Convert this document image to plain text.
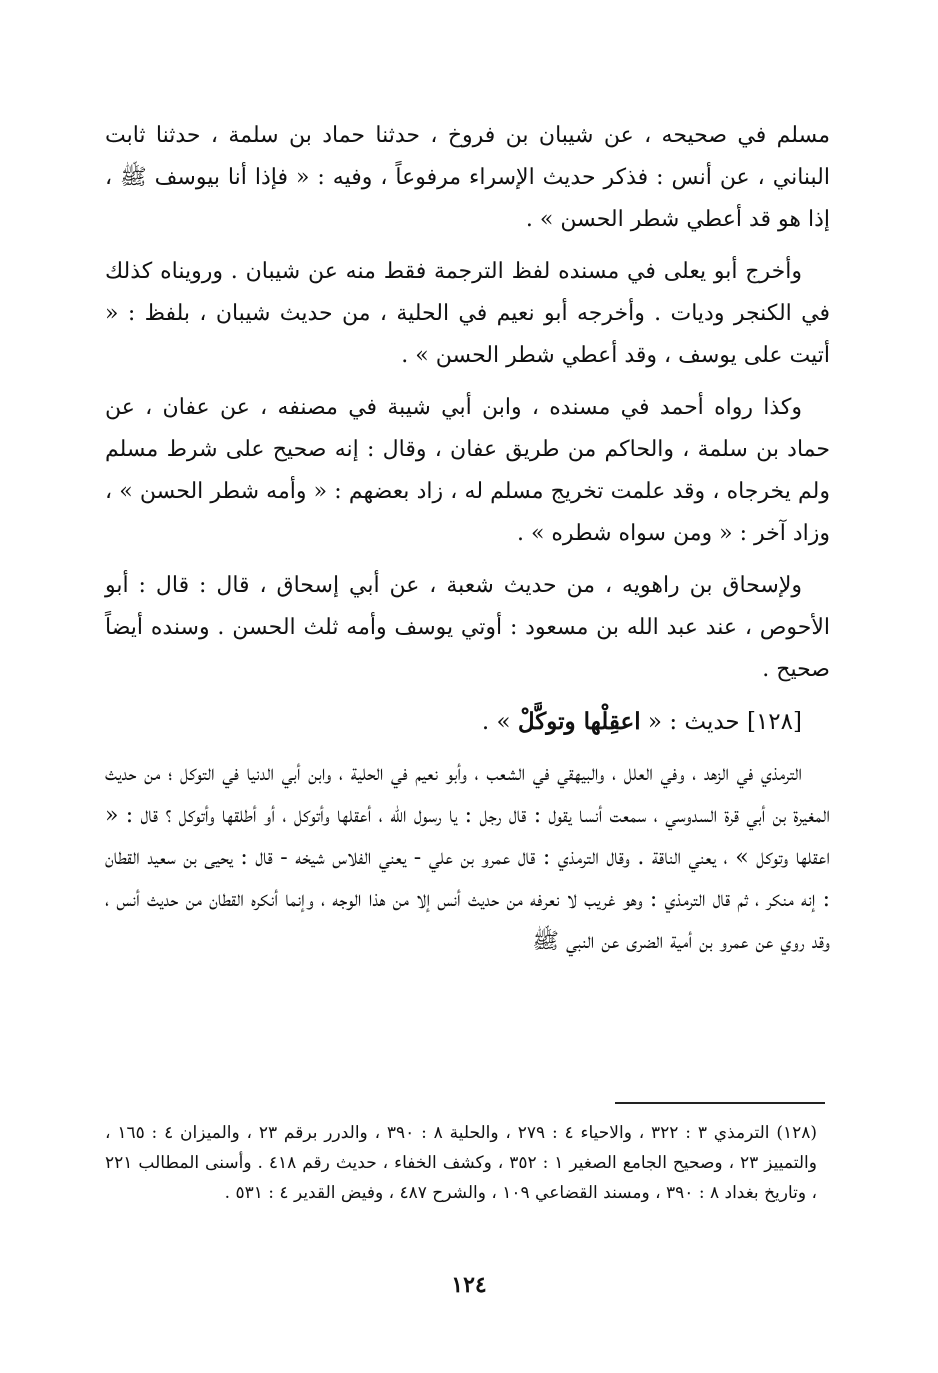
مسلم في صحيحه ، عن شيبان بن فروخ ، حدثنا حماد بن سلمة ، حدثنا ثابت البناني ، عن أنس : فذكر حديث الإسراء مرفوعاً ، وفيه : « فإذا أنا بيوسف ﷺ ، إذا هو قد أعطي شطر الحسن » .

وأخرج أبو يعلى في مسنده لفظ الترجمة فقط منه عن شيبان . ورويناه كذلك في الكنجر وديات . وأخرجه أبو نعيم في الحلية ، من حديث شيبان ، بلفظ : « أتيت على يوسف ، وقد أعطي شطر الحسن » .

وكذا رواه أحمد في مسنده ، وابن أبي شيبة في مصنفه ، عن عفان ، عن حماد بن سلمة ، والحاكم من طريق عفان ، وقال : إنه صحيح على شرط مسلم ولم يخرجاه ، وقد علمت تخريج مسلم له ، زاد بعضهم : « وأمه شطر الحسن » ، وزاد آخر : « ومن سواه شطره » .

ولإسحاق بن راهويه ، من حديث شعبة ، عن أبي إسحاق ، قال : قال : أبو الأحوص ، عند عبد الله بن مسعود : أوتي يوسف وأمه ثلث الحسن . وسنده أيضاً صحيح .

[١٢٨] حديث : « اعقِلْها وتوكَّلْ » .

الترمذي في الزهد ، وفي العلل ، والبيهقي في الشعب ، وأبو نعيم في الحلية ، وابن أبي الدنيا في التوكل ؛ من حديث المغيرة بن أبي قرة السدوسي ، سمعت أنسا يقول : قال رجل : يا رسول الله ، أعقلها وأتوكل ، أو أطلقها وأتوكل ؟ قال : « اعقلها وتوكل » ، يعني الناقة . وقال الترمذي : قال عمرو بن علي - يعني الفلاس شيخه - قال : يحيى بن سعيد القطان : إنه منكر ، ثم قال الترمذي : وهو غريب لا نعرفه من حديث أنس إلا من هذا الوجه ، وإنما أنكره القطان من حديث أنس ، وقد روي عن عمرو بن أمية الضرى عن النبي ﷺ

(١٢٨) الترمذي ٣ : ٣٢٢ ، والاحياء ٤ : ٢٧٩ ، والحلية ٨ : ٣٩٠ ، والدرر برقم ٢٣ ، والميزان ٤ : ١٦٥ ، والتمييز ٢٣ ، وصحيح الجامع الصغير ١ : ٣٥٢ ، وكشف الخفاء ، حديث رقم ٤١٨ . وأسنى المطالب ٢٢١ ، وتاريخ بغداد ٨ : ٣٩٠ ، ومسند القضاعي ١٠٩ ، والشرح ٤٨٧ ، وفيض القدير ٤ : ٥٣١ .
١٢٤
